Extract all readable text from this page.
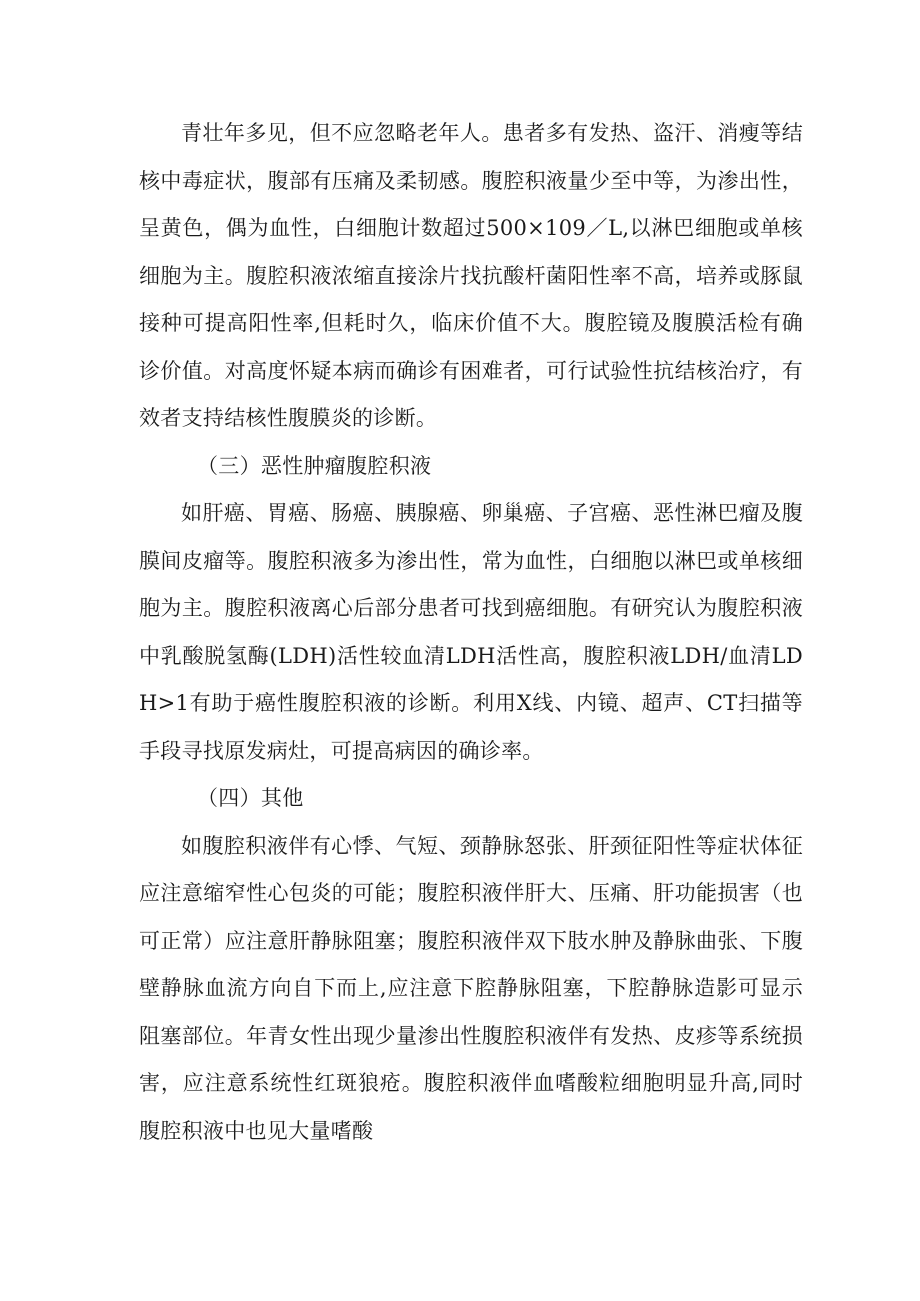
青壮年多见，但不应忽略老年人。患者多有发热、盗汗、消瘦等结核中毒症状，腹部有压痛及柔韧感。腹腔积液量少至中等，为渗出性，呈黄色，偶为血性，白细胞计数超过500×109／L,以淋巴细胞或单核细胞为主。腹腔积液浓缩直接涂片找抗酸杆菌阳性率不高，培养或豚鼠接种可提高阳性率,但耗时久，临床价值不大。腹腔镜及腹膜活检有确诊价值。对高度怀疑本病而确诊有困难者，可行试验性抗结核治疗，有效者支持结核性腹膜炎的诊断。

（三）恶性肿瘤腹腔积液

如肝癌、胃癌、肠癌、胰腺癌、卵巢癌、子宫癌、恶性淋巴瘤及腹膜间皮瘤等。腹腔积液多为渗出性，常为血性，白细胞以淋巴或单核细胞为主。腹腔积液离心后部分患者可找到癌细胞。有研究认为腹腔积液中乳酸脱氢酶(LDH)活性较血清LDH活性高，腹腔积液LDH/血清LDH>1有助于癌性腹腔积液的诊断。利用X线、内镜、超声、CT扫描等手段寻找原发病灶，可提高病因的确诊率。

（四）其他

如腹腔积液伴有心悸、气短、颈静脉怒张、肝颈征阳性等症状体征应注意缩窄性心包炎的可能；腹腔积液伴肝大、压痛、肝功能损害（也可正常）应注意肝静脉阻塞；腹腔积液伴双下肢水肿及静脉曲张、下腹壁静脉血流方向自下而上,应注意下腔静脉阻塞，下腔静脉造影可显示阻塞部位。年青女性出现少量渗出性腹腔积液伴有发热、皮疹等系统损害，应注意系统性红斑狼疮。腹腔积液伴血嗜酸粒细胞明显升高,同时腹腔积液中也见大量嗜酸
